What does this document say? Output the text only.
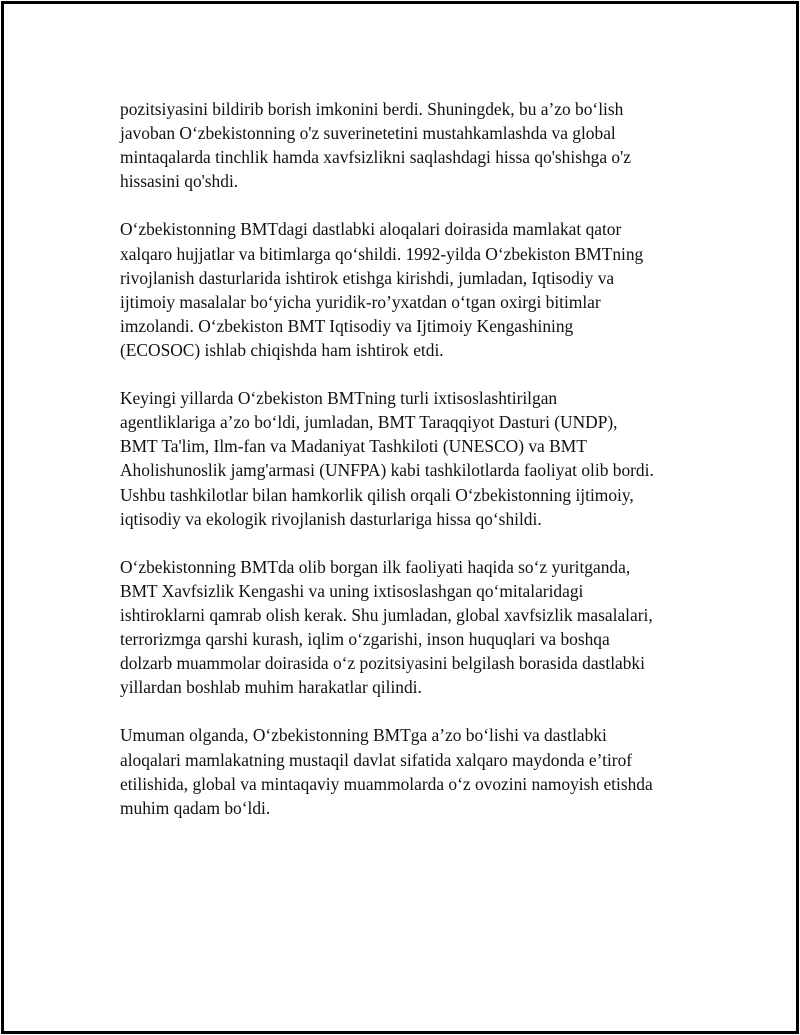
pozitsiyasini bildirib borish imkonini berdi. Shuningdek, bu a’zo bo‘lish
javoban O‘zbekistonning o'z suverinetetini mustahkamlashda va global
mintaqalarda tinchlik hamda xavfsizlikni saqlashdagi hissa qo'shishga o'z
hissasini qo'shdi.

O‘zbekistonning BMTdagi dastlabki aloqalari doirasida mamlakat qator
xalqaro hujjatlar va bitimlarga qo‘shildi. 1992-yilda O‘zbekiston BMTning
rivojlanish dasturlarida ishtirok etishga kirishdi, jumladan, Iqtisodiy va
ijtimoiy masalalar bo‘yicha yuridik-ro’yxatdan o‘tgan oxirgi bitimlar
imzolandi. O‘zbekiston BMT Iqtisodiy va Ijtimoiy Kengashining
(ECOSOC) ishlab chiqishda ham ishtirok etdi.

Keyingi yillarda O‘zbekiston BMTning turli ixtisoslashtirilgan
agentliklariga a’zo bo‘ldi, jumladan, BMT Taraqqiyot Dasturi (UNDP),
BMT Ta'lim, Ilm-fan va Madaniyat Tashkiloti (UNESCO) va BMT
Aholishunoslik jamg'armasi (UNFPA) kabi tashkilotlarda faoliyat olib bordi.
Ushbu tashkilotlar bilan hamkorlik qilish orqali O‘zbekistonning ijtimoiy,
iqtisodiy va ekologik rivojlanish dasturlariga hissa qo‘shildi.

O‘zbekistonning BMTda olib borgan ilk faoliyati haqida so‘z yuritganda,
BMT Xavfsizlik Kengashi va uning ixtisoslashgan qo‘mitalaridagi
ishtiroklarni qamrab olish kerak. Shu jumladan, global xavfsizlik masalalari,
terrorizmga qarshi kurash, iqlim o‘zgarishi, inson huquqlari va boshqa
dolzarb muammolar doirasida o‘z pozitsiyasini belgilash borasida dastlabki
yillardan boshlab muhim harakatlar qilindi.

Umuman olganda, O‘zbekistonning BMTga a’zo bo‘lishi va dastlabki
aloqalari mamlakatning mustaqil davlat sifatida xalqaro maydonda e’tirof
etilishida, global va mintaqaviy muammolarda o‘z ovozini namoyish etishda
muhim qadam bo‘ldi.
